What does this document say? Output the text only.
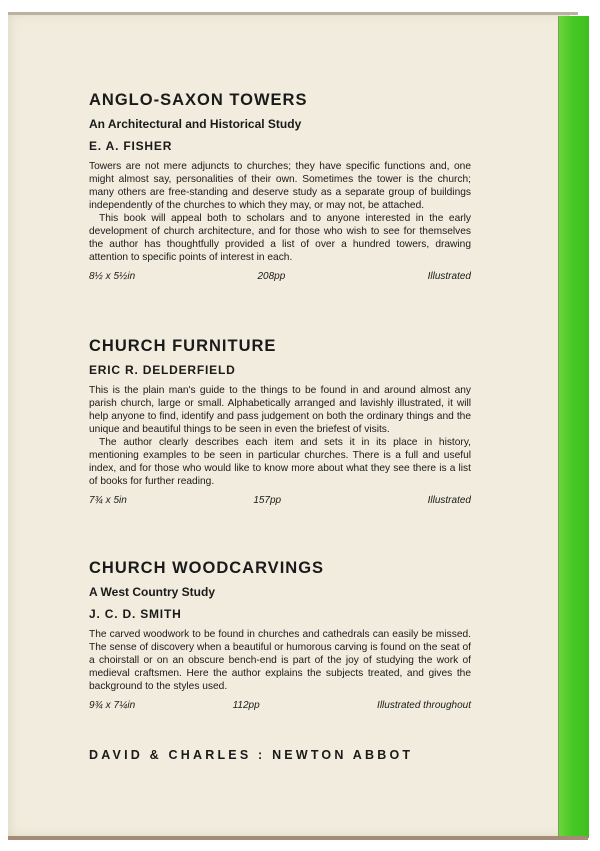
ANGLO-SAXON TOWERS
An Architectural and Historical Study
E. A. FISHER

Towers are not mere adjuncts to churches; they have specific functions and, one might almost say, personalities of their own. Sometimes the tower is the church; many others are free-standing and deserve study as a separate group of buildings independently of the churches to which they may, or may not, be attached.

This book will appeal both to scholars and to anyone interested in the early development of church architecture, and for those who wish to see for themselves the author has thoughtfully provided a list of over a hundred towers, drawing attention to specific points of interest in each.

8½ x 5½in	208pp	Illustrated
CHURCH FURNITURE
ERIC R. DELDERFIELD

This is the plain man's guide to the things to be found in and around almost any parish church, large or small. Alphabetically arranged and lavishly illustrated, it will help anyone to find, identify and pass judgement on both the ordinary things and the unique and beautiful things to be seen in even the briefest of visits.

The author clearly describes each item and sets it in its place in history, mentioning examples to be seen in particular churches. There is a full and useful index, and for those who would like to know more about what they see there is a list of books for further reading.

7¾ x 5in	157pp	Illustrated
CHURCH WOODCARVINGS
A West Country Study
J. C. D. SMITH

The carved woodwork to be found in churches and cathedrals can easily be missed. The sense of discovery when a beautiful or humorous carving is found on the seat of a choirstall or on an obscure bench-end is part of the joy of studying the work of medieval craftsmen. Here the author explains the subjects treated, and gives the background to the styles used.

9¾ x 7¼in	112pp	Illustrated throughout
DAVID & CHARLES : NEWTON ABBOT
